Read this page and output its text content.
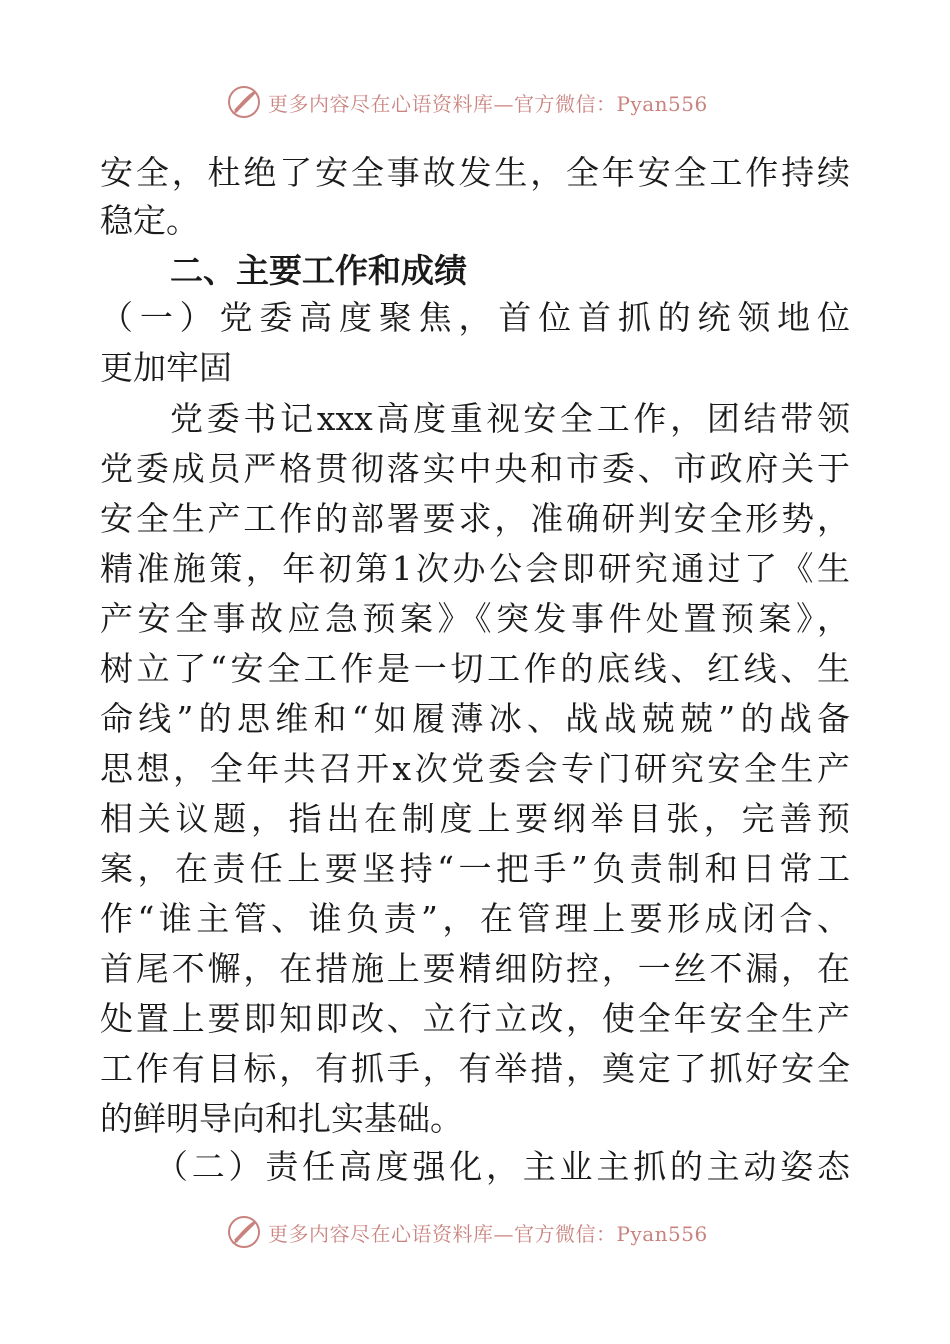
更多内容尽在心语资料库—官方微信：Pyan556
安全，杜绝了安全事故发生，全年安全工作持续
稳定。
二、主要工作和成绩
（一）党委高度聚焦，首位首抓的统领地位
更加牢固
党委书记xxx高度重视安全工作，团结带领
党委成员严格贯彻落实中央和市委、市政府关于
安全生产工作的部署要求，准确研判安全形势，
精准施策，年初第1次办公会即研究通过了《生
产安全事故应急预案》《突发事件处置预案》，
树立了“安全工作是一切工作的底线、红线、生
命线”的思维和“如履薄冰、战战兢兢”的战备
思想，全年共召开x次党委会专门研究安全生产
相关议题，指出在制度上要纲举目张，完善预
案，在责任上要坚持“一把手”负责制和日常工
作“谁主管、谁负责”，在管理上要形成闭合、
首尾不懈，在措施上要精细防控，一丝不漏，在
处置上要即知即改、立行立改，使全年安全生产
工作有目标，有抓手，有举措，奠定了抓好安全
的鲜明导向和扎实基础。
（二）责任高度强化，主业主抓的主动姿态
更多内容尽在心语资料库—官方微信：Pyan556
